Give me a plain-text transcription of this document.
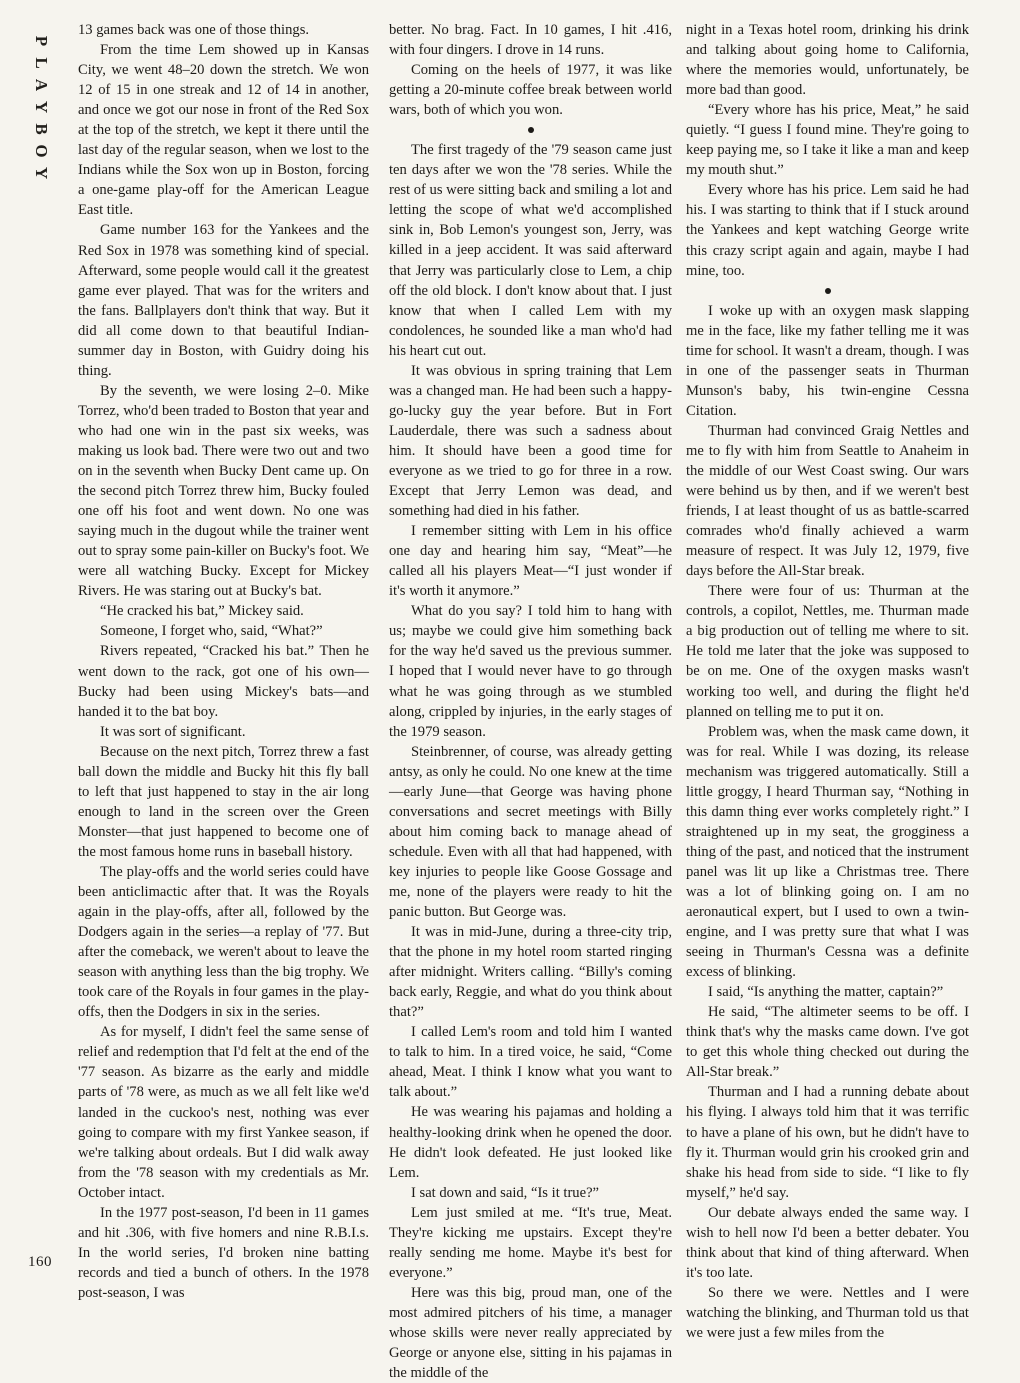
P
L
A
Y
B
O
Y

13 games back was one of those things.

From the time Lem showed up in Kansas City, we went 48–20 down the stretch. We won 12 of 15 in one streak and 12 of 14 in another, and once we got our nose in front of the Red Sox at the top of the stretch, we kept it there until the last day of the regular season, when we lost to the Indians while the Sox won up in Boston, forcing a one-game play-off for the American League East title.

Game number 163 for the Yankees and the Red Sox in 1978 was something kind of special. Afterward, some people would call it the greatest game ever played. That was for the writers and the fans. Ballplayers don't think that way. But it did all come down to that beautiful Indian-summer day in Boston, with Guidry doing his thing.

By the seventh, we were losing 2–0. Mike Torrez, who'd been traded to Boston that year and who had one win in the past six weeks, was making us look bad. There were two out and two on in the seventh when Bucky Dent came up. On the second pitch Torrez threw him, Bucky fouled one off his foot and went down. No one was saying much in the dugout while the trainer went out to spray some pain-killer on Bucky's foot. We were all watching Bucky. Except for Mickey Rivers. He was staring out at Bucky's bat.

“He cracked his bat,” Mickey said.

Someone, I forget who, said, “What?”

Rivers repeated, “Cracked his bat.” Then he went down to the rack, got one of his own—Bucky had been using Mickey's bats—and handed it to the bat boy.

It was sort of significant.

Because on the next pitch, Torrez threw a fast ball down the middle and Bucky hit this fly ball to left that just happened to stay in the air long enough to land in the screen over the Green Monster—that just happened to become one of the most famous home runs in baseball history.

The play-offs and the world series could have been anticlimactic after that. It was the Royals again in the play-offs, after all, followed by the Dodgers again in the series—a replay of '77. But after the comeback, we weren't about to leave the season with anything less than the big trophy. We took care of the Royals in four games in the play-offs, then the Dodgers in six in the series.

As for myself, I didn't feel the same sense of relief and redemption that I'd felt at the end of the '77 season. As bizarre as the early and middle parts of '78 were, as much as we all felt like we'd landed in the cuckoo's nest, nothing was ever going to compare with my first Yankee season, if we're talking about ordeals. But I did walk away from the '78 season with my credentials as Mr. October intact.

In the 1977 post-season, I'd been in 11 games and hit .306, with five homers and nine R.B.I.s. In the world series, I'd broken nine batting records and tied a bunch of others. In the 1978 post-season, I was

better. No brag. Fact. In 10 games, I hit .416, with four dingers. I drove in 14 runs.

Coming on the heels of 1977, it was like getting a 20-minute coffee break between world wars, both of which you won.

The first tragedy of the '79 season came just ten days after we won the '78 series. While the rest of us were sitting back and smiling a lot and letting the scope of what we'd accomplished sink in, Bob Lemon's youngest son, Jerry, was killed in a jeep accident. It was said afterward that Jerry was particularly close to Lem, a chip off the old block. I don't know about that. I just know that when I called Lem with my condolences, he sounded like a man who'd had his heart cut out.

It was obvious in spring training that Lem was a changed man. He had been such a happy-go-lucky guy the year before. But in Fort Lauderdale, there was such a sadness about him. It should have been a good time for everyone as we tried to go for three in a row. Except that Jerry Lemon was dead, and something had died in his father.

I remember sitting with Lem in his office one day and hearing him say, “Meat”—he called all his players Meat—“I just wonder if it's worth it anymore.”

What do you say? I told him to hang with us; maybe we could give him something back for the way he'd saved us the previous summer. I hoped that I would never have to go through what he was going through as we stumbled along, crippled by injuries, in the early stages of the 1979 season.

Steinbrenner, of course, was already getting antsy, as only he could. No one knew at the time—early June—that George was having phone conversations and secret meetings with Billy about him coming back to manage ahead of schedule. Even with all that had happened, with key injuries to people like Goose Gossage and me, none of the players were ready to hit the panic button. But George was.

It was in mid-June, during a three-city trip, that the phone in my hotel room started ringing after midnight. Writers calling. “Billy's coming back early, Reggie, and what do you think about that?”

I called Lem's room and told him I wanted to talk to him. In a tired voice, he said, “Come ahead, Meat. I think I know what you want to talk about.”

He was wearing his pajamas and holding a healthy-looking drink when he opened the door. He didn't look defeated. He just looked like Lem.

I sat down and said, “Is it true?”

Lem just smiled at me. “It's true, Meat. They're kicking me upstairs. Except they're really sending me home. Maybe it's best for everyone.”

Here was this big, proud man, one of the most admired pitchers of his time, a manager whose skills were never really appreciated by George or anyone else, sitting in his pajamas in the middle of the

night in a Texas hotel room, drinking his drink and talking about going home to California, where the memories would, unfortunately, be more bad than good.

“Every whore has his price, Meat,” he said quietly. “I guess I found mine. They're going to keep paying me, so I take it like a man and keep my mouth shut.”

Every whore has his price. Lem said he had his. I was starting to think that if I stuck around the Yankees and kept watching George write this crazy script again and again, maybe I had mine, too.

I woke up with an oxygen mask slapping me in the face, like my father telling me it was time for school. It wasn't a dream, though. I was in one of the passenger seats in Thurman Munson's baby, his twin-engine Cessna Citation.

Thurman had convinced Graig Nettles and me to fly with him from Seattle to Anaheim in the middle of our West Coast swing. Our wars were behind us by then, and if we weren't best friends, I at least thought of us as battle-scarred comrades who'd finally achieved a warm measure of respect. It was July 12, 1979, five days before the All-Star break.

There were four of us: Thurman at the controls, a copilot, Nettles, me. Thurman made a big production out of telling me where to sit. He told me later that the joke was supposed to be on me. One of the oxygen masks wasn't working too well, and during the flight he'd planned on telling me to put it on.

Problem was, when the mask came down, it was for real. While I was dozing, its release mechanism was triggered automatically. Still a little groggy, I heard Thurman say, “Nothing in this damn thing ever works completely right.” I straightened up in my seat, the grogginess a thing of the past, and noticed that the instrument panel was lit up like a Christmas tree. There was a lot of blinking going on. I am no aeronautical expert, but I used to own a twin-engine, and I was pretty sure that what I was seeing in Thurman's Cessna was a definite excess of blinking.

I said, “Is anything the matter, captain?”

He said, “The altimeter seems to be off. I think that's why the masks came down. I've got to get this whole thing checked out during the All-Star break.”

Thurman and I had a running debate about his flying. I always told him that it was terrific to have a plane of his own, but he didn't have to fly it. Thurman would grin his crooked grin and shake his head from side to side. “I like to fly myself,” he'd say.

Our debate always ended the same way. I wish to hell now I'd been a better debater. You think about that kind of thing afterward. When it's too late.

So there we were. Nettles and I were watching the blinking, and Thurman told us that we were just a few miles from the

160
